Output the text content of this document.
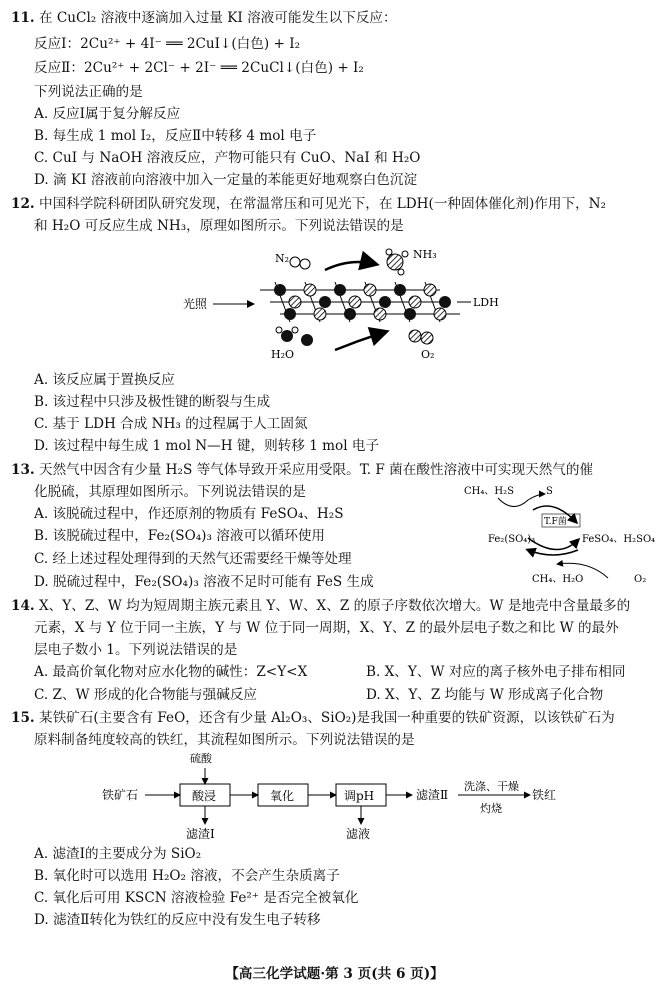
11. 在 CuCl₂ 溶液中逐滴加入过量 KI 溶液可能发生以下反应：
反应Ⅰ：2Cu²⁺ + 4I⁻ ══ 2CuI↓(白色) + I₂
反应Ⅱ：2Cu²⁺ + 2Cl⁻ + 2I⁻ ══ 2CuCl↓(白色) + I₂
下列说法正确的是
A. 反应Ⅰ属于复分解反应
B. 每生成 1 mol I₂，反应Ⅱ中转移 4 mol 电子
C. CuI 与 NaOH 溶液反应，产物可能只有 CuO、NaI 和 H₂O
D. 滴 KI 溶液前向溶液中加入一定量的苯能更好地观察白色沉淀
12. 中国科学院科研团队研究发现，在常温常压和可见光下，在 LDH(一种固体催化剂)作用下，N₂
和 H₂O 可反应生成 NH₃，原理如图所示。下列说法错误的是
N₂	NH₃
光照	LDH
H₂O	O₂
A. 该反应属于置换反应
B. 该过程中只涉及极性键的断裂与生成
C. 基于 LDH 合成 NH₃ 的过程属于人工固氮
D. 该过程中每生成 1 mol N—H 键，则转移 1 mol 电子
13. 天然气中因含有少量 H₂S 等气体导致开采应用受限。T. F 菌在酸性溶液中可实现天然气的催
化脱硫，其原理如图所示。下列说法错误的是	CH₄、H₂S	S
T.F菌
Fe₂(SO₄)₃	FeSO₄、H₂SO₄
CH₄、H₂O	O₂
A. 该脱硫过程中，作还原剂的物质有 FeSO₄、H₂S
B. 该脱硫过程中，Fe₂(SO₄)₃ 溶液可以循环使用
C. 经上述过程处理得到的天然气还需要经干燥等处理
D. 脱硫过程中，Fe₂(SO₄)₃ 溶液不足时可能有 FeS 生成
14. X、Y、Z、W 均为短周期主族元素且 Y、W、X、Z 的原子序数依次增大。W 是地壳中含量最多的
元素，X 与 Y 位于同一主族，Y 与 W 位于同一周期，X、Y、Z 的最外层电子数之和比 W 的最外
层电子数小 1。下列说法错误的是
A. 最高价氧化物对应水化物的碱性：Z<Y<X	B. X、Y、W 对应的离子核外电子排布相同
C. Z、W 形成的化合物能与强碱反应	D. X、Y、Z 均能与 W 形成离子化合物
15. 某铁矿石(主要含有 FeO，还含有少量 Al₂O₃、SiO₂)是我国一种重要的铁矿资源，以该铁矿石为
原料制备纯度较高的铁红，其流程如图所示。下列说法错误的是
硫酸
铁矿石	酸浸	氧化	调pH	滤渣Ⅱ
洗涤、干燥
灼烧
铁红
滤渣Ⅰ	滤液
A. 滤渣Ⅰ的主要成分为 SiO₂
B. 氧化时可以选用 H₂O₂ 溶液，不会产生杂质离子
C. 氧化后可用 KSCN 溶液检验 Fe²⁺ 是否完全被氧化
D. 滤渣Ⅱ转化为铁红的反应中没有发生电子转移
【高三化学试题·第 3 页(共 6 页)】
